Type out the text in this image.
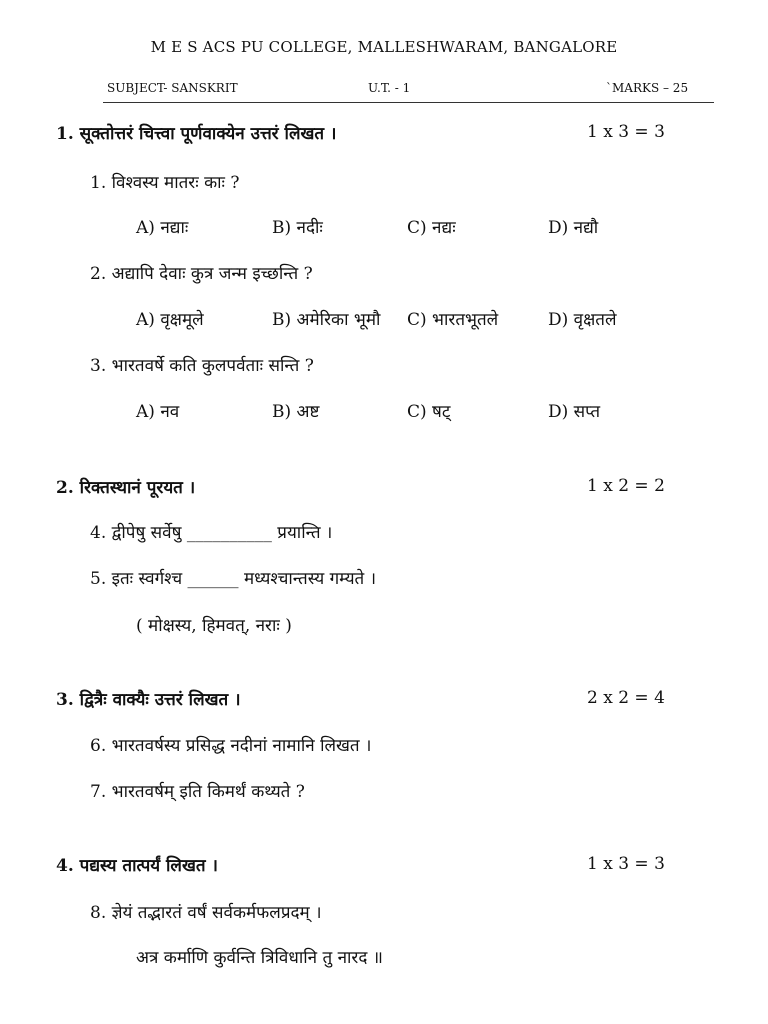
M E S ACS PU COLLEGE, MALLESHWARAM, BANGALORE
SUBJECT- SANSKRIT	U.T. - 1	`MARKS – 25
1. सूक्तोत्तरं चित्त्वा पूर्णवाक्येन उत्तरं लिखत ।	1 x 3 = 3
1. विश्वस्य मातरः काः ?
A) नद्याः	B) नदीः	C) नद्यः	D) नद्यौ
2. अद्यापि देवाः कुत्र जन्म इच्छन्ति ?
A) वृक्षमूले	B) अमेरिका भूमौ C) भारतभूतले	D) वृक्षतले
3. भारतवर्षे कति कुलपर्वताः सन्ति ?
A) नव	B) अष्ट	C) षट्	D) सप्त
2. रिक्तस्थानं पूरयत ।	1 x 2 = 2
4. द्वीपेषु सर्वेषु __________ प्रयान्ति ।
5. इतः स्वर्गश्च ______ मध्यश्चान्तस्य गम्यते ।
( मोक्षस्य, हिमवत्, नराः )
3. द्वित्रैः वाक्यैः उत्तरं लिखत ।	2 x 2 = 4
6. भारतवर्षस्य प्रसिद्ध नदीनां नामानि लिखत ।
7. भारतवर्षम् इति किमर्थं कथ्यते ?
4. पद्यस्य तात्पर्यं लिखत ।	1 x 3 = 3
8. ज्ञेयं तद्भारतं वर्षं सर्वकर्मफलप्रदम् ।
अत्र कर्माणि कुर्वन्ति त्रिविधानि तु नारद ॥
